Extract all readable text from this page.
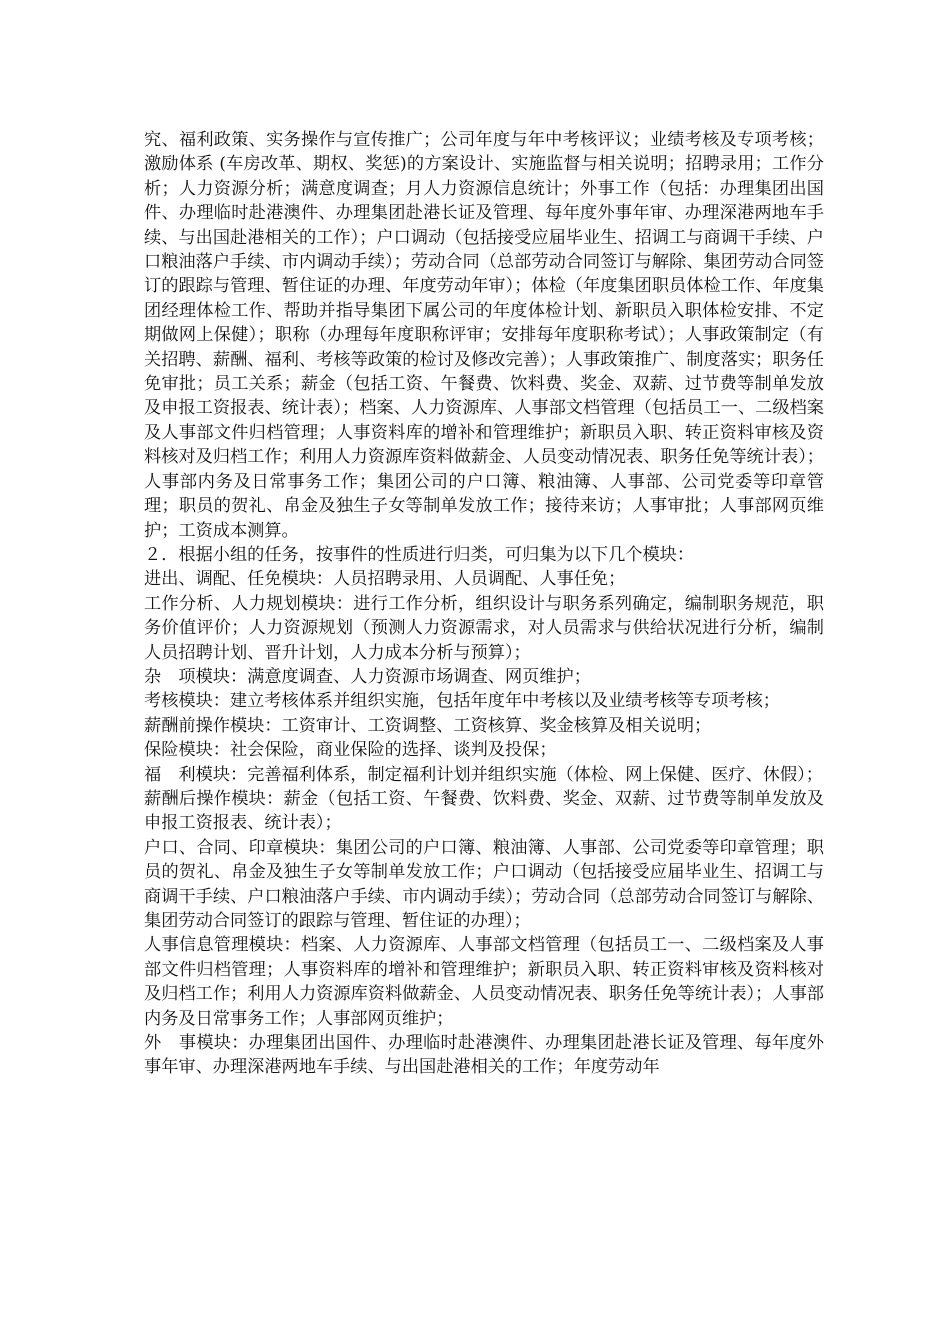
究、福利政策、实务操作与宣传推广；公司年度与年中考核评议；业绩考核及专项考核；激励体系 (车房改革、期权、奖惩)的方案设计、实施监督与相关说明；招聘录用；工作分析；人力资源分析；满意度调查；月人力资源信息统计；外事工作（包括：办理集团出国件、办理临时赴港澳件、办理集团赴港长证及管理、每年度外事年审、办理深港两地车手续、与出国赴港相关的工作）；户口调动（包括接受应届毕业生、招调工与商调干手续、户口粮油落户手续、市内调动手续）；劳动合同（总部劳动合同签订与解除、集团劳动合同签订的跟踪与管理、暂住证的办理、年度劳动年审）；体检（年度集团职员体检工作、年度集团经理体检工作、帮助并指导集团下属公司的年度体检计划、新职员入职体检安排、不定期做网上保健）；职称（办理每年度职称评审；安排每年度职称考试）；人事政策制定（有关招聘、薪酬、福利、考核等政策的检讨及修改完善）；人事政策推广、制度落实；职务任免审批；员工关系；薪金（包括工资、午餐费、饮料费、奖金、双薪、过节费等制单发放及申报工资报表、统计表）；档案、人力资源库、人事部文档管理（包括员工一、二级档案及人事部文件归档管理；人事资料库的增补和管理维护；新职员入职、转正资料审核及资料核对及归档工作；利用人力资源库资料做薪金、人员变动情况表、职务任免等统计表）；人事部内务及日常事务工作；集团公司的户口簿、粮油簿、人事部、公司党委等印章管理；职员的贺礼、帛金及独生子女等制单发放工作；接待来访；人事审批；人事部网页维护；工资成本测算。

２．根据小组的任务，按事件的性质进行归类，可归集为以下几个模块：

进出、调配、任免模块：人员招聘录用、人员调配、人事任免；

工作分析、人力规划模块：进行工作分析，组织设计与职务系列确定，编制职务规范，职务价值评价；人力资源规划（预测人力资源需求，对人员需求与供给状况进行分析，编制人员招聘计划、晋升计划，人力成本分析与预算）；

杂　项模块：满意度调查、人力资源市场调查、网页维护；

考核模块：建立考核体系并组织实施，包括年度年中考核以及业绩考核等专项考核；

薪酬前操作模块：工资审计、工资调整、工资核算、奖金核算及相关说明；

保险模块：社会保险，商业保险的选择、谈判及投保；

福　利模块：完善福利体系，制定福利计划并组织实施（体检、网上保健、医疗、休假）；

薪酬后操作模块：薪金（包括工资、午餐费、饮料费、奖金、双薪、过节费等制单发放及申报工资报表、统计表）；

户口、合同、印章模块：集团公司的户口簿、粮油簿、人事部、公司党委等印章管理；职员的贺礼、帛金及独生子女等制单发放工作；户口调动（包括接受应届毕业生、招调工与商调干手续、户口粮油落户手续、市内调动手续）；劳动合同（总部劳动合同签订与解除、集团劳动合同签订的跟踪与管理、暂住证的办理）；

人事信息管理模块：档案、人力资源库、人事部文档管理（包括员工一、二级档案及人事部文件归档管理；人事资料库的增补和管理维护；新职员入职、转正资料审核及资料核对及归档工作；利用人力资源库资料做薪金、人员变动情况表、职务任免等统计表）；人事部内务及日常事务工作；人事部网页维护；

外　事模块：办理集团出国件、办理临时赴港澳件、办理集团赴港长证及管理、每年度外事年审、办理深港两地车手续、与出国赴港相关的工作；年度劳动年
